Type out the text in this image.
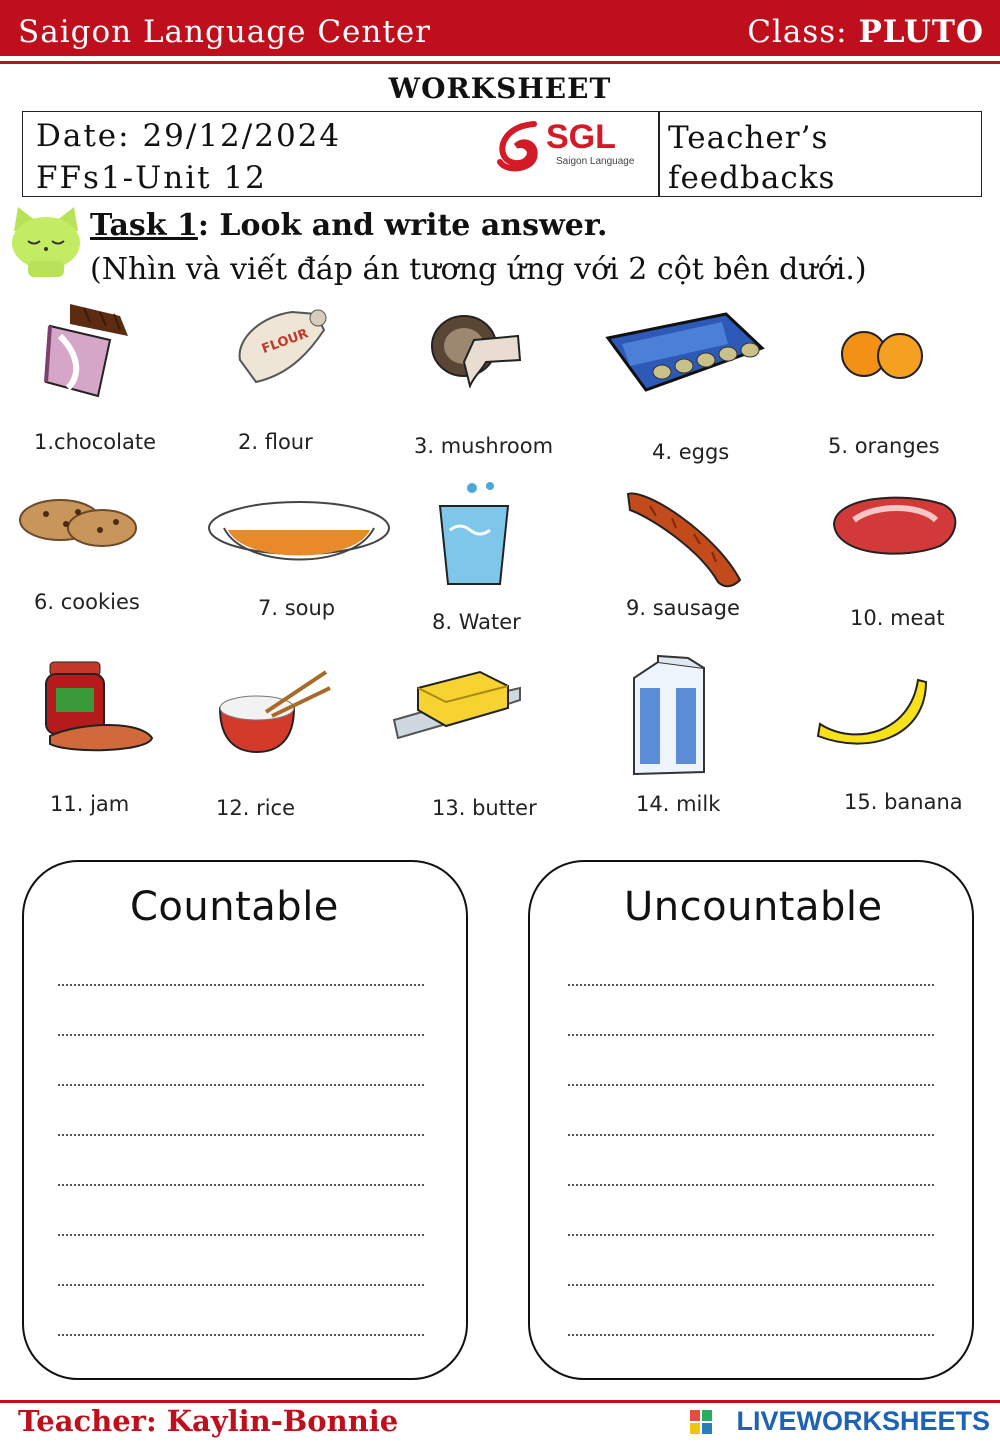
Saigon Language Center	Class: PLUTO
WORKSHEET
Date: 29/12/2024
FFs1-Unit 12
Teacher’s feedbacks
SGL
Saigon Language
Task 1: Look and write answer.
(Nhìn và viết đáp án tương ứng với 2 cột bên dưới.)
FLOUR
1.chocolate	2. flour	3. mushroom	4. eggs	5. oranges
6. cookies	7. soup
8. Water
9. sausage	10. meat
11. jam	12. rice	13. butter	14. milk	15. banana
Countable	Uncountable
Teacher: Kaylin-Bonnie	LIVEWORKSHEETS
